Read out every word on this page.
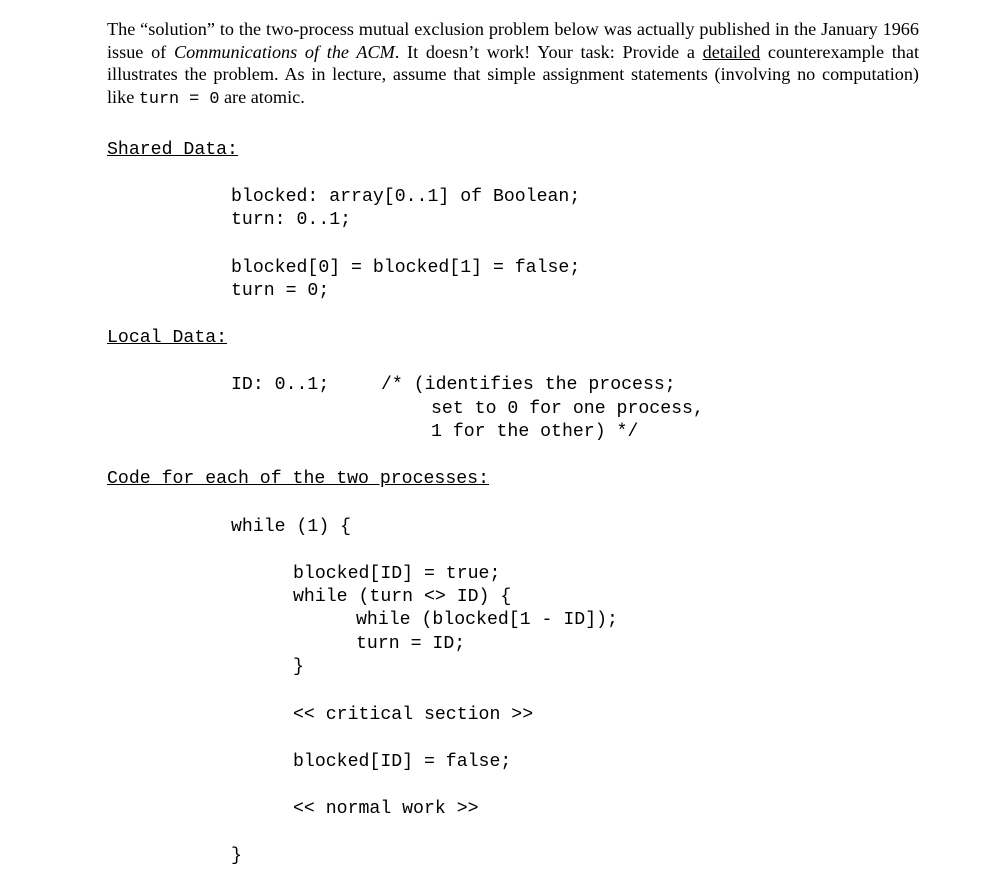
The “solution” to the two-process mutual exclusion problem below was actually published in the January 1966 issue of Communications of the ACM. It doesn’t work! Your task: Provide a detailed counterexample that illustrates the problem. As in lecture, assume that simple assignment statements (involving no computation) like turn = 0 are atomic.
Shared Data:
blocked: array[0..1] of Boolean;
turn: 0..1;
blocked[0] = blocked[1] = false;
turn = 0;
Local Data:
ID: 0..1;	/* (identifies the process;
set to 0 for one process,
1 for the other) */
Code for each of the two processes:
while (1) {
blocked[ID] = true;
while (turn <> ID) {
while (blocked[1 - ID]);
turn = ID;
}
<< critical section >>
blocked[ID] = false;
<< normal work >>
}
